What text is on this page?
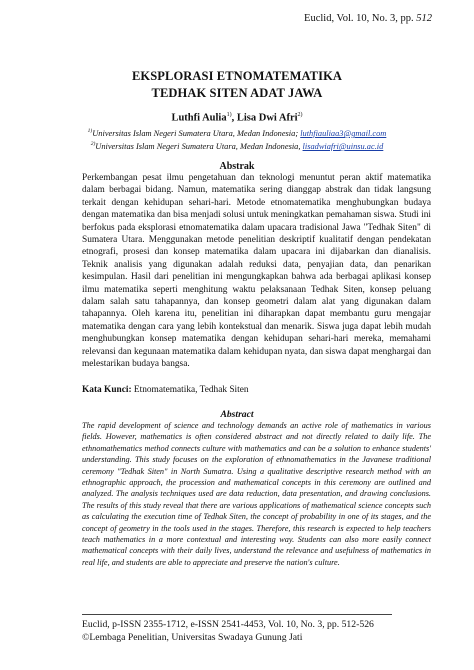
Euclid, Vol. 10, No. 3, pp. 512
EKSPLORASI ETNOMATEMATIKA
TEDHAK SITEN ADAT JAWA
Luthfi Aulia$^{1)}$, Lisa Dwi Afri$^{2)}$
$^{1)}$Universitas Islam Negeri Sumatera Utara, Medan Indonesia; luthfiauliaa3@gmail.com
$^{2)}$Universitas Islam Negeri Sumatera Utara, Medan Indonesia, lisadwiafri@uinsu.ac.id
Abstrak
Perkembangan pesat ilmu pengetahuan dan teknologi menuntut peran aktif matematika dalam berbagai bidang. Namun, matematika sering dianggap abstrak dan tidak langsung terkait dengan kehidupan sehari-hari. Metode etnomatematika menghubungkan budaya dengan matematika dan bisa menjadi solusi untuk meningkatkan pemahaman siswa. Studi ini berfokus pada eksplorasi etnomatematika dalam upacara tradisional Jawa "Tedhak Siten" di Sumatera Utara. Menggunakan metode penelitian deskriptif kualitatif dengan pendekatan etnografi, prosesi dan konsep matematika dalam upacara ini dijabarkan dan dianalisis. Teknik analisis yang digunakan adalah reduksi data, penyajian data, dan penarikan kesimpulan. Hasil dari penelitian ini mengungkapkan bahwa ada berbagai aplikasi konsep ilmu matematika seperti menghitung waktu pelaksanaan Tedhak Siten, konsep peluang dalam salah satu tahapannya, dan konsep geometri dalam alat yang digunakan dalam tahapannya. Oleh karena itu, penelitian ini diharapkan dapat membantu guru mengajar matematika dengan cara yang lebih kontekstual dan menarik. Siswa juga dapat lebih mudah menghubungkan konsep matematika dengan kehidupan sehari-hari mereka, memahami relevansi dan kegunaan matematika dalam kehidupan nyata, dan siswa dapat menghargai dan melestarikan budaya bangsa.
Kata Kunci: Etnomatematika, Tedhak Siten
Abstract
The rapid development of science and technology demands an active role of mathematics in various fields. However, mathematics is often considered abstract and not directly related to daily life. The ethnomathematics method connects culture with mathematics and can be a solution to enhance students' understanding. This study focuses on the exploration of ethnomathematics in the Javanese traditional ceremony "Tedhak Siten" in North Sumatra. Using a qualitative descriptive research method with an ethnographic approach, the procession and mathematical concepts in this ceremony are outlined and analyzed. The analysis techniques used are data reduction, data presentation, and drawing conclusions. The results of this study reveal that there are various applications of mathematical science concepts such as calculating the execution time of Tedhak Siten, the concept of probability in one of its stages, and the concept of geometry in the tools used in the stages. Therefore, this research is expected to help teachers teach mathematics in a more contextual and interesting way. Students can also more easily connect mathematical concepts with their daily lives, understand the relevance and usefulness of mathematics in real life, and students are able to appreciate and preserve the nation's culture.
Euclid, p-ISSN 2355-1712, e-ISSN 2541-4453, Vol. 10, No. 3, pp. 512-526
©Lembaga Penelitian, Universitas Swadaya Gunung Jati
